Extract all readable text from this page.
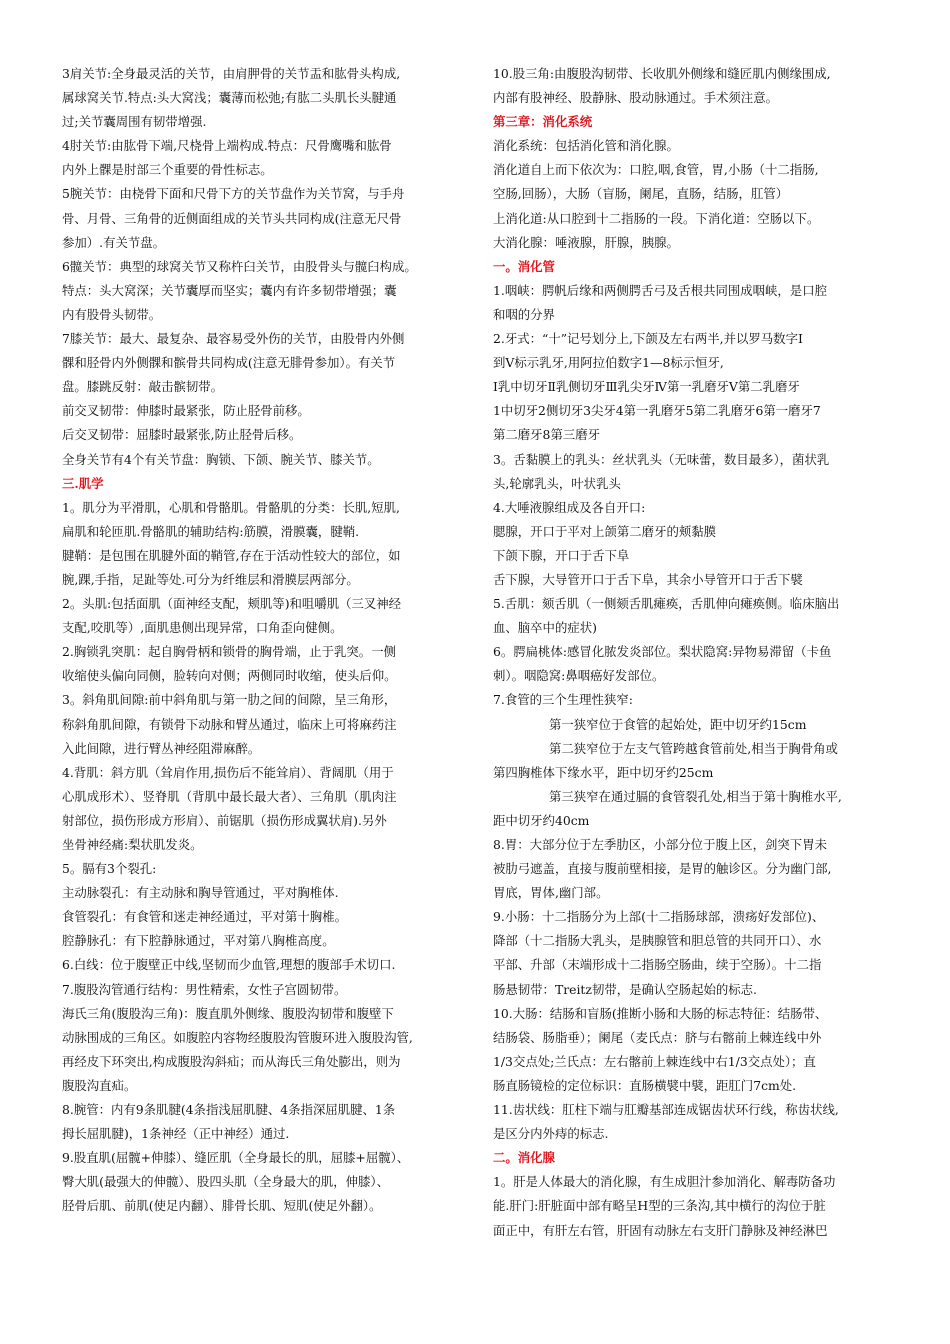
3肩关节:全身最灵活的关节，由肩胛骨的关节盂和肱骨头构成,
属球窝关节.特点:头大窝浅；囊薄而松弛;有肱二头肌长头腱通
过;关节囊周围有韧带增强.
4肘关节:由肱骨下端,尺桡骨上端构成.特点：尺骨鹰嘴和肱骨
内外上髁是肘部三个重要的骨性标志。
5腕关节：由桡骨下面和尺骨下方的关节盘作为关节窝，与手舟
骨、月骨、三角骨的近侧面组成的关节头共同构成(注意无尺骨
参加）.有关节盘。
6髋关节：典型的球窝关节又称杵臼关节，由股骨头与髋臼构成。
特点：头大窝深；关节囊厚而坚实；囊内有许多韧带增强；囊
内有股骨头韧带。
7膝关节：最大、最复杂、最容易受外伤的关节，由股骨内外侧
髁和胫骨内外侧髁和髌骨共同构成(注意无腓骨参加）。有关节
盘。膝跳反射：敲击髌韧带。
前交叉韧带：伸膝时最紧张，防止胫骨前移。
后交叉韧带：屈膝时最紧张,防止胫骨后移。
全身关节有4个有关节盘：胸锁、下颌、腕关节、膝关节。
三.肌学
1。肌分为平滑肌，心肌和骨骼肌。骨骼肌的分类：长肌,短肌,
扁肌和轮匝肌.骨骼肌的辅助结构:筋膜，滑膜囊，腱鞘.
腱鞘：是包围在肌腱外面的鞘管,存在于活动性较大的部位，如
腕,踝,手指，足趾等处.可分为纤维层和滑膜层两部分。
2。头肌:包括面肌（面神经支配，颊肌等)和咀嚼肌（三叉神经
支配,咬肌等）,面肌患侧出现异常，口角歪向健侧。
2.胸锁乳突肌：起自胸骨柄和锁骨的胸骨端，止于乳突。一侧
收缩使头偏向同侧，脸转向对侧；两侧同时收缩，使头后仰。
3。斜角肌间隙:前中斜角肌与第一肋之间的间隙，呈三角形，
称斜角肌间隙，有锁骨下动脉和臂丛通过，临床上可将麻药注
入此间隙，进行臂丛神经阻滞麻醉。
4.背肌：斜方肌（耸肩作用,损伤后不能耸肩）、背阔肌（用于
心肌成形术）、竖脊肌（背肌中最长最大者）、三角肌（肌肉注
射部位，损伤形成方形肩）、前锯肌（损伤形成翼状肩).另外
坐骨神经痛:梨状肌发炎。
5。膈有3个裂孔:
主动脉裂孔：有主动脉和胸导管通过，平对胸椎体.
食管裂孔：有食管和迷走神经通过，平对第十胸椎。
腔静脉孔：有下腔静脉通过，平对第八胸椎高度。
6.白线：位于腹壁正中线,坚韧而少血管,理想的腹部手术切口.
7.腹股沟管通行结构：男性精索，女性子宫圆韧带。
海氏三角(腹股沟三角)：腹直肌外侧缘、腹股沟韧带和腹壁下
动脉围成的三角区。如腹腔内容物经腹股沟管腹环进入腹股沟管,
再经皮下环突出,构成腹股沟斜疝；而从海氏三角处膨出，则为
腹股沟直疝。
8.腕管：内有9条肌腱(4条指浅屈肌腱、4条指深屈肌腱、1条
拇长屈肌腱)，1条神经（正中神经）通过.
9.股直肌(屈髋+伸膝）、缝匠肌（全身最长的肌，屈膝+屈髋）、
臀大肌(最强大的伸髋）、股四头肌（全身最大的肌，伸膝）、
胫骨后肌、前肌(使足内翻）、腓骨长肌、短肌(使足外翻）。
10.股三角:由腹股沟韧带、长收肌外侧缘和缝匠肌内侧缘围成,
内部有股神经、股静脉、股动脉通过。手术须注意。
第三章：消化系统
消化系统：包括消化管和消化腺。
消化道自上而下依次为：口腔,咽,食管，胃,小肠（十二指肠,
空肠,回肠），大肠（盲肠，阑尾，直肠，结肠，肛管）
上消化道:从口腔到十二指肠的一段。下消化道：空肠以下。
大消化腺：唾液腺，肝腺，胰腺。
一。消化管
1.咽峡：腭帆后缘和两侧腭舌弓及舌根共同围成咽峡，是口腔
和咽的分界
2.牙式：“十”记号划分上,下颌及左右两半,并以罗马数字Ⅰ
到Ⅴ标示乳牙,用阿拉伯数字1—8标示恒牙,
Ⅰ乳中切牙Ⅱ乳侧切牙Ⅲ乳尖牙Ⅳ第一乳磨牙Ⅴ第二乳磨牙
1中切牙2侧切牙3尖牙4第一乳磨牙5第二乳磨牙6第一磨牙7
第二磨牙8第三磨牙
3。舌黏膜上的乳头：丝状乳头（无味蕾，数目最多），菌状乳
头,轮廓乳头，叶状乳头
4.大唾液腺组成及各自开口:
腮腺，开口于平对上颌第二磨牙的颊黏膜
下颌下腺，开口于舌下阜
舌下腺，大导管开口于舌下阜，其余小导管开口于舌下襞
5.舌肌：颏舌肌（一侧颏舌肌瘫痪，舌肌伸向瘫痪侧。临床脑出
血、脑卒中的症状)
6。腭扁桃体:感冒化脓发炎部位。梨状隐窝:异物易滞留（卡鱼
刺）。咽隐窝:鼻咽癌好发部位。
7.食管的三个生理性狭窄:
第一狭窄位于食管的起始处，距中切牙约15cm
第二狭窄位于左支气管跨越食管前处,相当于胸骨角或
第四胸椎体下缘水平，距中切牙约25cm
第三狭窄在通过膈的食管裂孔处,相当于第十胸椎水平,
距中切牙约40cm
8.胃：大部分位于左季肋区，小部分位于腹上区，剑突下胃未
被肋弓遮盖，直接与腹前壁相接，是胃的触诊区。分为幽门部,
胃底，胃体,幽门部。
9.小肠：十二指肠分为上部(十二指肠球部，溃疡好发部位)、
降部（十二指肠大乳头，是胰腺管和胆总管的共同开口）、水
平部、升部（末端形成十二指肠空肠曲，续于空肠）。十二指
肠悬韧带：Treitz韧带，是确认空肠起始的标志.
10.大肠：结肠和盲肠(推断小肠和大肠的标志特征：结肠带、
结肠袋、肠脂垂）；阑尾（麦氏点：脐与右髂前上棘连线中外
1/3交点处;兰氏点：左右髂前上棘连线中右1/3交点处）；直
肠直肠镜检的定位标识：直肠横襞中襞，距肛门7cm处.
11.齿状线：肛柱下端与肛瓣基部连成锯齿状环行线，称齿状线,
是区分内外痔的标志.
二。消化腺
1。肝是人体最大的消化腺，有生成胆汁参加消化、解毒防备功
能.肝门:肝脏面中部有略呈H型的三条沟,其中横行的沟位于脏
面正中，有肝左右管，肝固有动脉左右支肝门静脉及神经淋巴
